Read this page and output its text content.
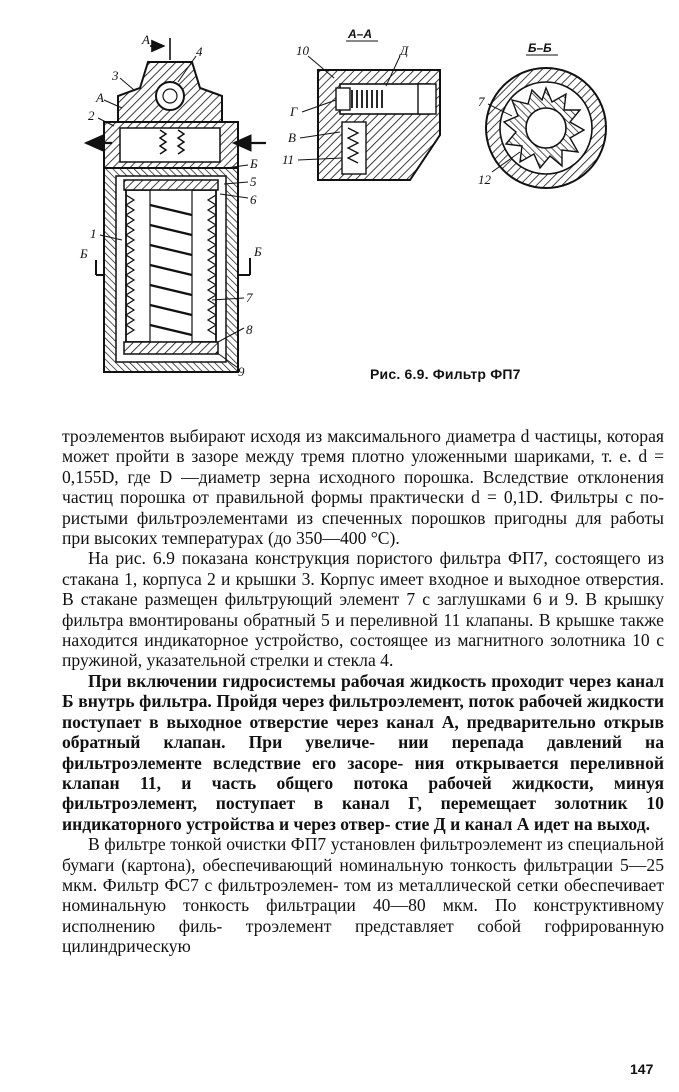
А
4
3
А
2
Б
5
6
1
Б	Б
7
8
9
А–А
10	Д
Г
В
11
Б–Б
7
12
Рис. 6.9. Фильтр ФП7

троэлементов выбирают исходя из максимального диаметра d частицы, которая может пройти в зазоре между тремя плотно уложенными шариками, т. е. d = 0,155D, где D —диаметр зерна исходного порошка. Вследствие отклонения частиц порошка от правильной формы практически d = 0,1D. Фильтры с по- ристыми фильтроэлементами из спеченных порошков пригодны для работы при высоких температурах (до 350—400 °C).

На рис. 6.9 показана конструкция пористого фильтра ФП7, состоящего из стакана 1, корпуса 2 и крышки 3. Корпус имеет входное и выходное отверстия. В стакане размещен фильтрующий элемент 7 с заглушками 6 и 9. В крышку фильтра вмонтированы обратный 5 и переливной 11 клапаны. В крышке также находится индикаторное устройство, состоящее из магнитного золотника 10 с пружиной, указательной стрелки и стекла 4.

При включении гидросистемы рабочая жидкость проходит через канал Б внутрь фильтра. Пройдя через фильтроэлемент, поток рабочей жидкости поступает в выходное отверстие через канал А, предварительно открыв обратный клапан. При увеличе- нии перепада давлений на фильтроэлементе вследствие его засоре- ния открывается переливной клапан 11, и часть общего потока рабочей жидкости, минуя фильтроэлемент, поступает в канал Г, перемещает золотник 10 индикаторного устройства и через отвер- стие Д и канал А идет на выход.

В фильтре тонкой очистки ФП7 установлен фильтроэлемент из специальной бумаги (картона), обеспечивающий номинальную тонкость фильтрации 5—25 мкм. Фильтр ФС7 с фильтроэлемен- том из металлической сетки обеспечивает номинальную тонкость фильтрации 40—80 мкм. По конструктивному исполнению филь- троэлемент представляет собой гофрированную цилиндрическую

147
